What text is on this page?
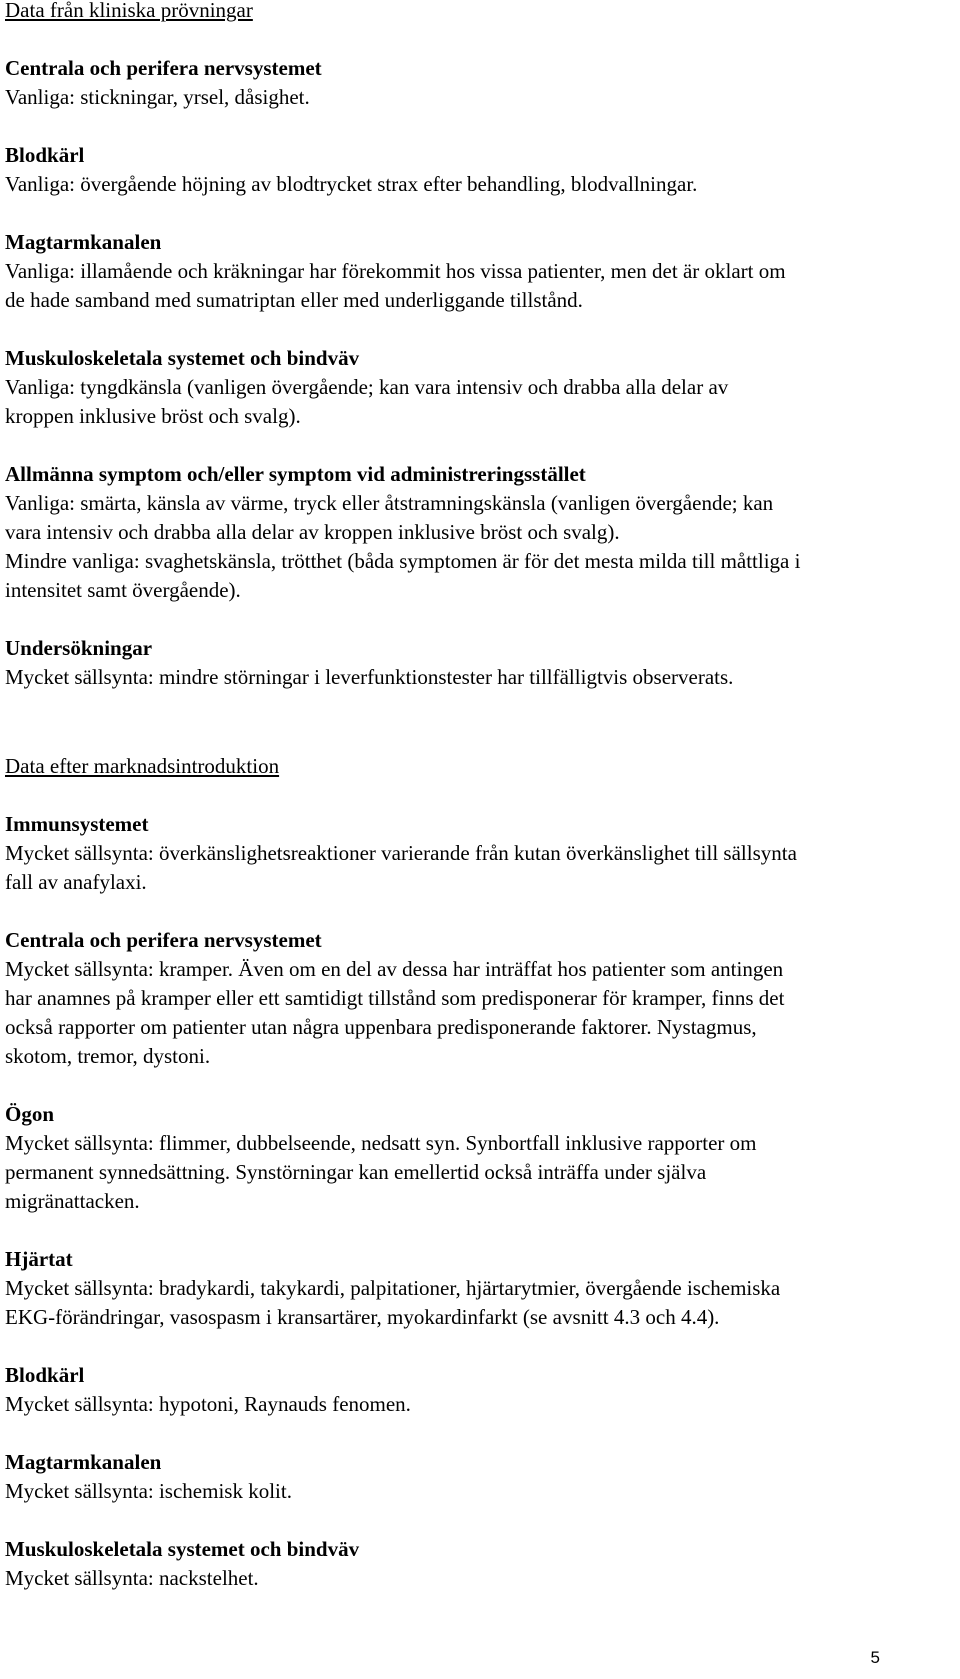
Data från kliniska prövningar
Centrala och perifera nervsystemet
Vanliga: stickningar, yrsel, dåsighet.
Blodkärl
Vanliga: övergående höjning av blodtrycket strax efter behandling, blodvallningar.
Magtarmkanalen
Vanliga: illamående och kräkningar har förekommit hos vissa patienter, men det är oklart om
de hade samband med sumatriptan eller med underliggande tillstånd.
Muskuloskeletala systemet och bindväv
Vanliga: tyngdkänsla (vanligen övergående; kan vara intensiv och drabba alla delar av
kroppen inklusive bröst och svalg).
Allmänna symptom och/eller symptom vid administreringsstället
Vanliga: smärta, känsla av värme, tryck eller åtstramningskänsla (vanligen övergående; kan
vara intensiv och drabba alla delar av kroppen inklusive bröst och svalg).
Mindre vanliga: svaghetskänsla, trötthet (båda symptomen är för det mesta milda till måttliga i
intensitet samt övergående).
Undersökningar
Mycket sällsynta: mindre störningar i leverfunktionstester har tillfälligtvis observerats.
Data efter marknadsintroduktion
Immunsystemet
Mycket sällsynta: överkänslighetsreaktioner varierande från kutan överkänslighet till sällsynta
fall av anafylaxi.
Centrala och perifera nervsystemet
Mycket sällsynta: kramper. Även om en del av dessa har inträffat hos patienter som antingen
har anamnes på kramper eller ett samtidigt tillstånd som predisponerar för kramper, finns det
också rapporter om patienter utan några uppenbara predisponerande faktorer. Nystagmus,
skotom, tremor, dystoni.
Ögon
Mycket sällsynta: flimmer, dubbelseende, nedsatt syn. Synbortfall inklusive rapporter om
permanent synnedsättning. Synstörningar kan emellertid också inträffa under själva
migränattacken.
Hjärtat
Mycket sällsynta: bradykardi, takykardi, palpitationer, hjärtarytmier, övergående ischemiska
EKG-förändringar, vasospasm i kransartärer, myokardinfarkt (se avsnitt 4.3 och 4.4).
Blodkärl
Mycket sällsynta: hypotoni, Raynauds fenomen.
Magtarmkanalen
Mycket sällsynta: ischemisk kolit.
Muskuloskeletala systemet och bindväv
Mycket sällsynta: nackstelhet.
5
